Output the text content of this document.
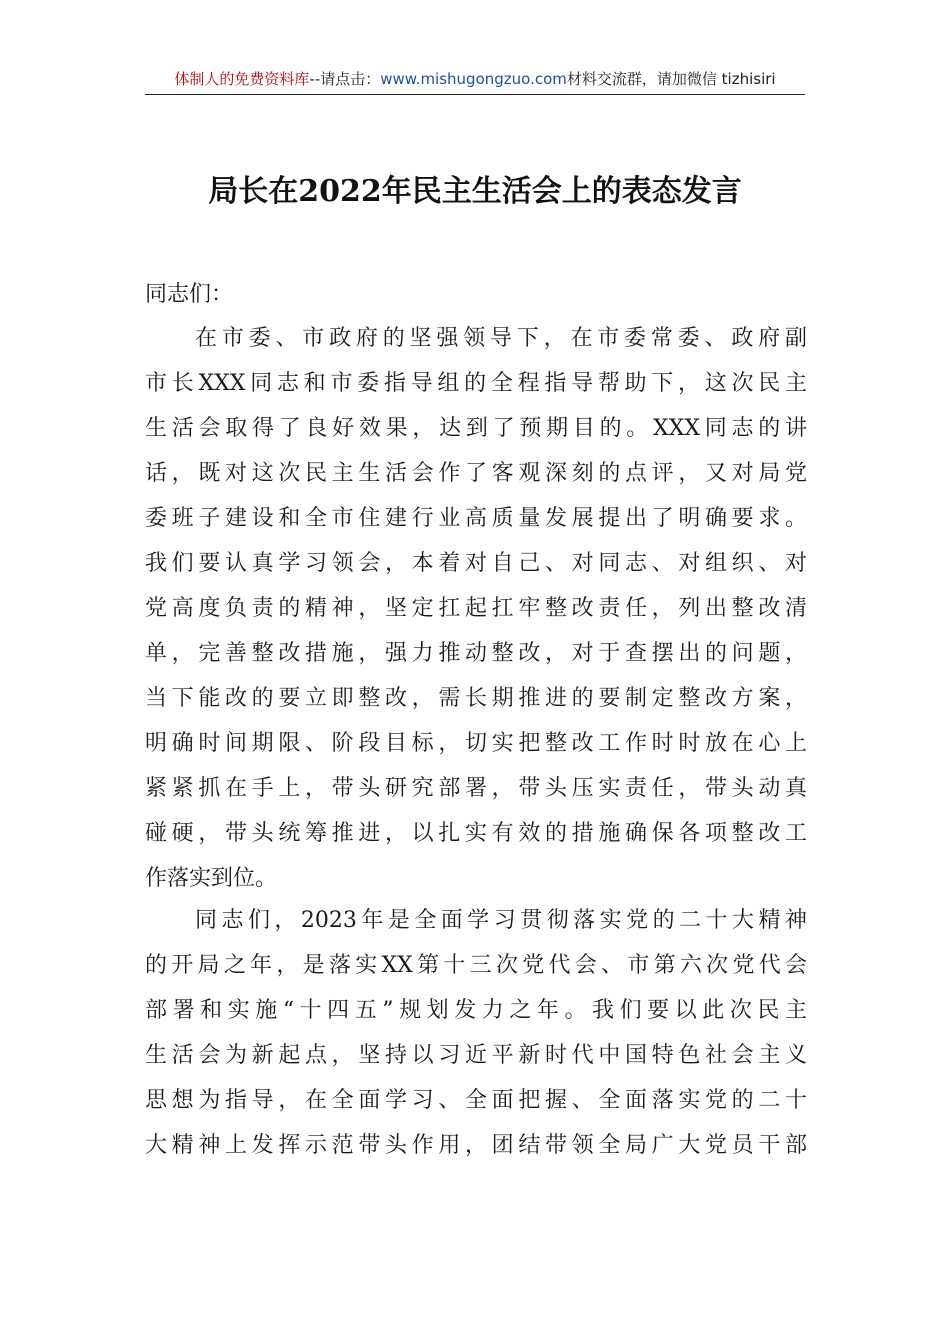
体制人的免费资料库--请点击：www.mishugongzuo.com材料交流群，请加微信 tizhisiri
局长在2022年民主生活会上的表态发言
同志们：
在市委、市政府的坚强领导下，在市委常委、政府副
市长XXX同志和市委指导组的全程指导帮助下，这次民主
生活会取得了良好效果，达到了预期目的。XXX同志的讲
话，既对这次民主生活会作了客观深刻的点评，又对局党
委班子建设和全市住建行业高质量发展提出了明确要求。
我们要认真学习领会，本着对自己、对同志、对组织、对
党高度负责的精神，坚定扛起扛牢整改责任，列出整改清
单，完善整改措施，强力推动整改，对于查摆出的问题，
当下能改的要立即整改，需长期推进的要制定整改方案，
明确时间期限、阶段目标，切实把整改工作时时放在心上
紧紧抓在手上，带头研究部署，带头压实责任，带头动真
碰硬，带头统筹推进，以扎实有效的措施确保各项整改工
作落实到位。
同志们，2023年是全面学习贯彻落实党的二十大精神
的开局之年，是落实XX第十三次党代会、市第六次党代会
部署和实施“十四五”规划发力之年。我们要以此次民主
生活会为新起点，坚持以习近平新时代中国特色社会主义
思想为指导，在全面学习、全面把握、全面落实党的二十
大精神上发挥示范带头作用，团结带领全局广大党员干部
